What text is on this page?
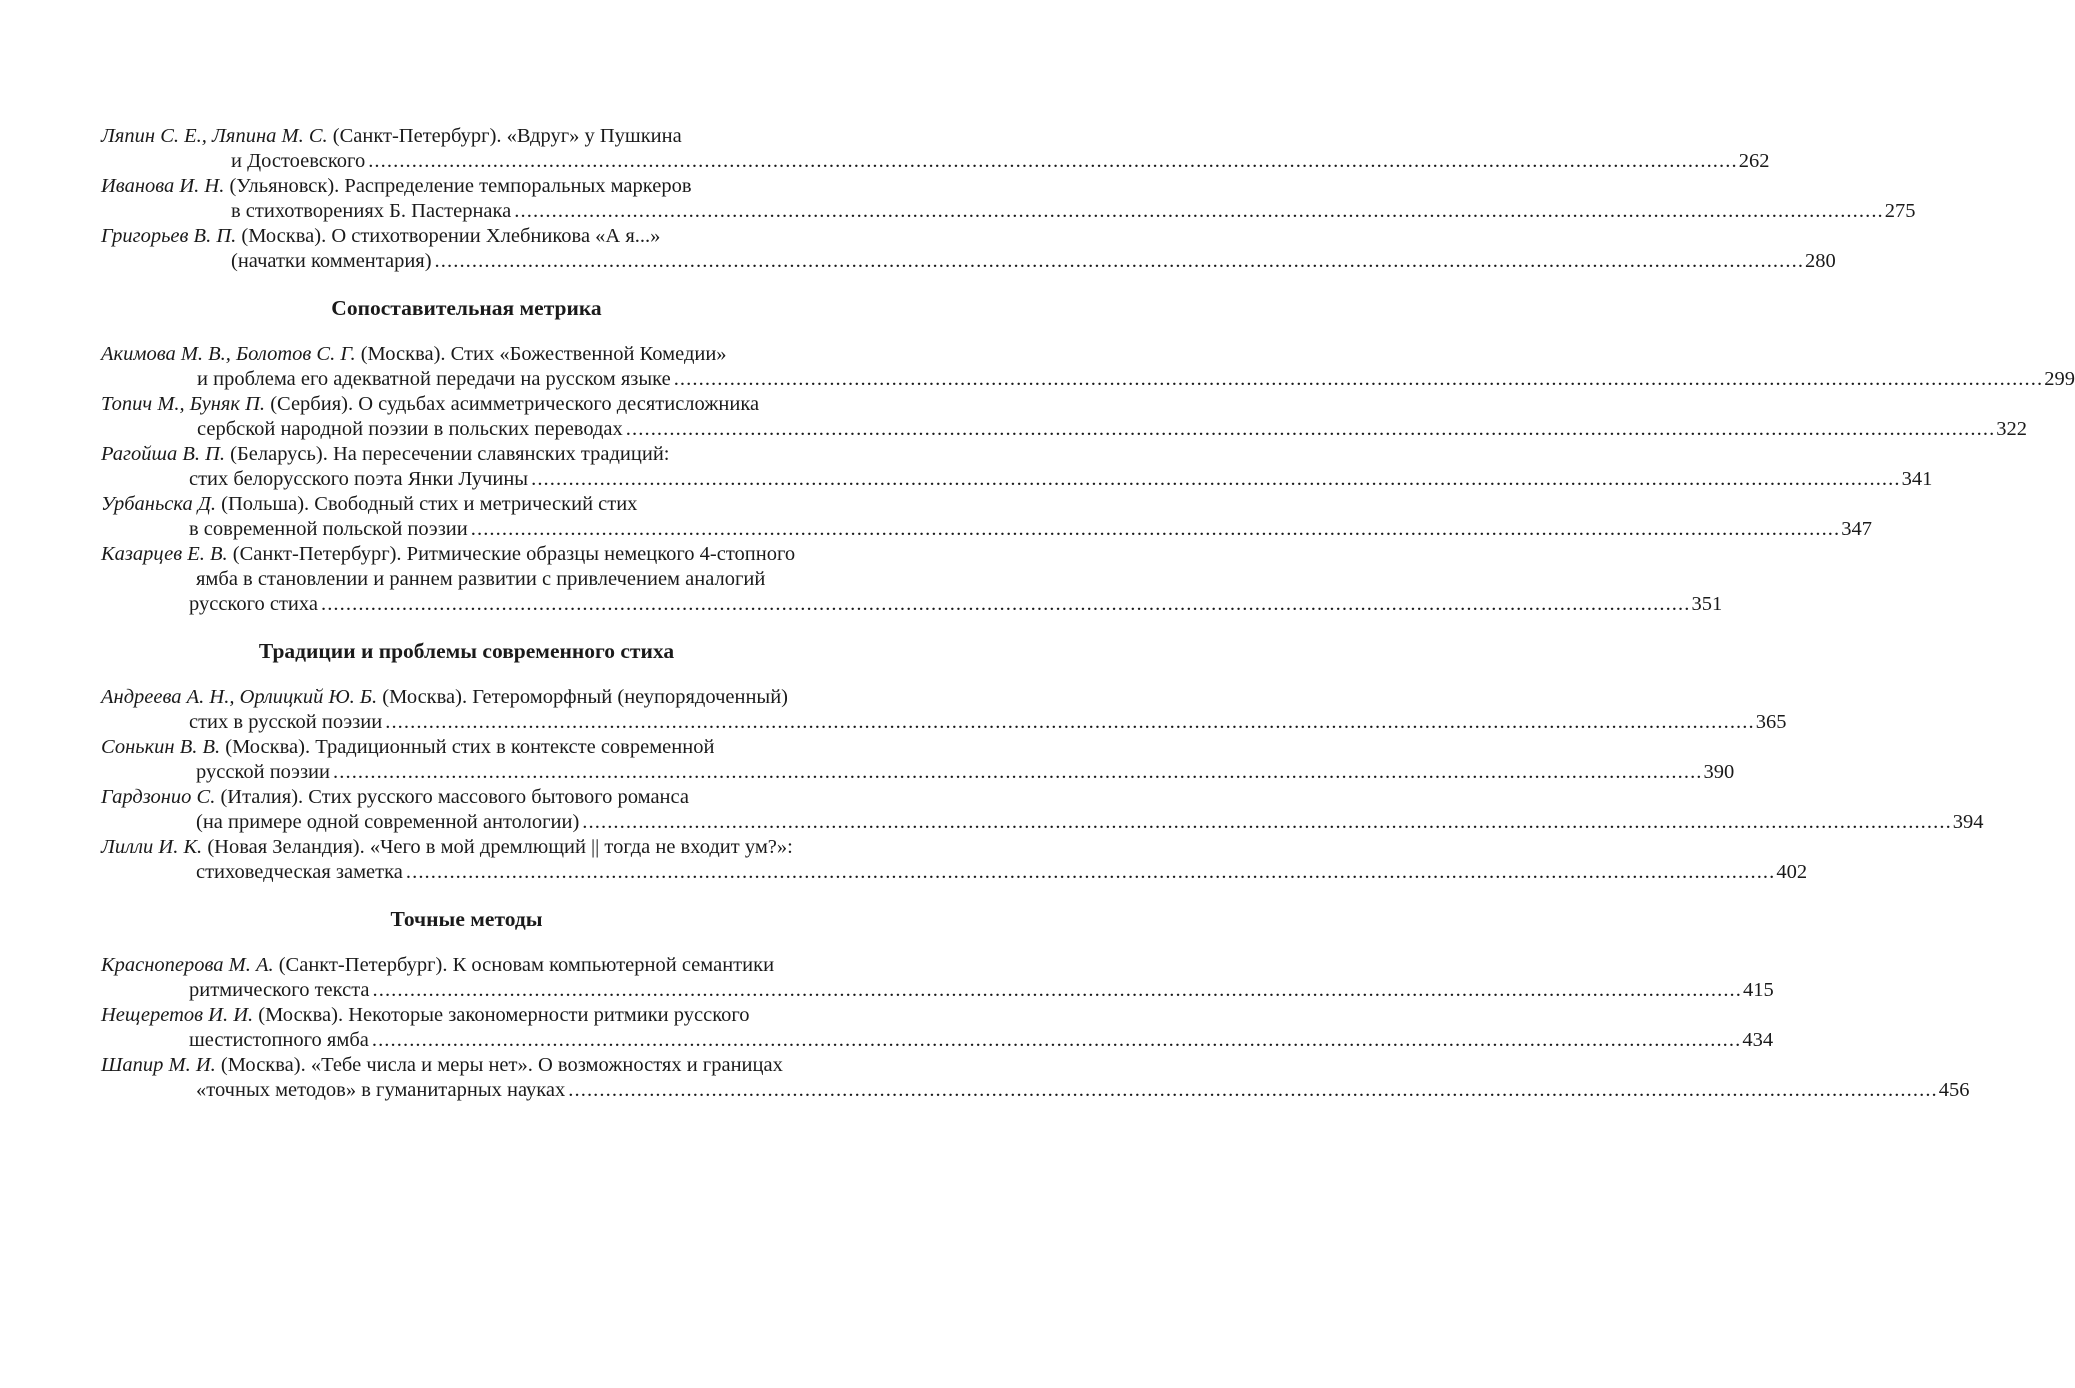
Ляпин С. Е., Ляпина М. С. (Санкт-Петербург). «Вдруг» у Пушкина
и Достоевского ............................................................................................................................................................................................................................ 262
Иванова И. Н. (Ульяновск). Распределение темпоральных маркеров
в стихотворениях Б. Пастернака ............................................................................................................................................................................................................................ 275
Григорьев В. П. (Москва). О стихотворении Хлебникова «А я...»
(начатки комментария) ............................................................................................................................................................................................................................ 280
Сопоставительная метрика
Акимова М. В., Болотов С. Г. (Москва). Стих «Божественной Комедии»
и проблема его адекватной передачи на русском языке ............................................................................................................................................................................................................................ 299
Топич М., Буняк П. (Сербия). О судьбах асимметрического десятисложника
сербской народной поэзии в польских переводах ............................................................................................................................................................................................................................ 322
Рагойша В. П. (Беларусь). На пересечении славянских традиций:
стих белорусского поэта Янки Лучины ............................................................................................................................................................................................................................ 341
Урбаньска Д. (Польша). Свободный стих и метрический стих
в современной польской поэзии ............................................................................................................................................................................................................................ 347
Казарцев Е. В. (Санкт-Петербург). Ритмические образцы немецкого 4-стопного
ямба в становлении и раннем развитии с привлечением аналогий
русского стиха ............................................................................................................................................................................................................................ 351
Традиции и проблемы современного стиха
Андреева А. Н., Орлицкий Ю. Б. (Москва). Гетероморфный (неупорядоченный)
стих в русской поэзии ............................................................................................................................................................................................................................ 365
Сонькин В. В. (Москва). Традиционный стих в контексте современной
русской поэзии ............................................................................................................................................................................................................................ 390
Гардзонио С. (Италия). Стих русского массового бытового романса
(на примере одной современной антологии) ............................................................................................................................................................................................................................ 394
Лилли И. К. (Новая Зеландия). «Чего в мой дремлющий || тогда не входит ум?»:
стиховедческая заметка ............................................................................................................................................................................................................................ 402
Точные методы
Красноперова М. А. (Санкт-Петербург). К основам компьютерной семантики
ритмического текста ............................................................................................................................................................................................................................ 415
Нещеретов И. И. (Москва). Некоторые закономерности ритмики русского
шестистопного ямба ............................................................................................................................................................................................................................ 434
Шапир М. И. (Москва). «Тебе числа и меры нет». О возможностях и границах
«точных методов» в гуманитарных науках ............................................................................................................................................................................................................................ 456
